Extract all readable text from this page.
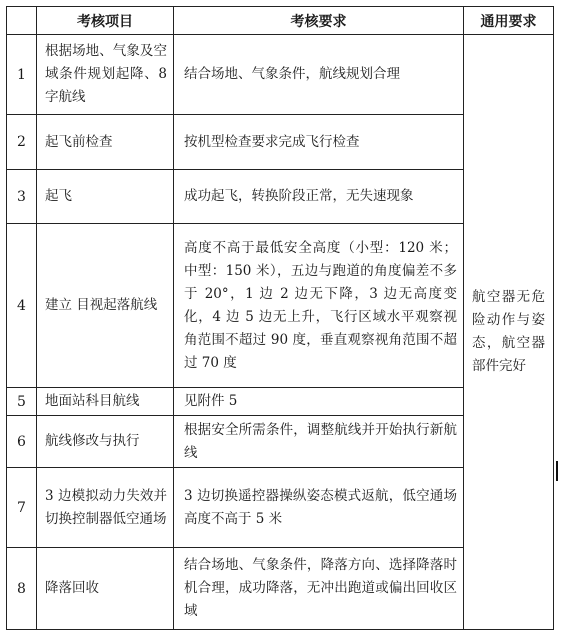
	考核项目	考核要求	通用要求
1	根据场地、气象及空域条件规划起降、8 字航线	结合场地、气象条件，航线规划合理	航空器无危险动作与姿态，航空器部件完好
2	起飞前检查	按机型检查要求完成飞行检查	
3	起飞	成功起飞，转换阶段正常，无失速现象	
4	建立 目视起落航线	高度不高于最低安全高度（小型：120 米；中型：150 米），五边与跑道的角度偏差不多于 20°，1 边 2 边无下降，3 边无高度变化，4 边 5 边无上升，飞行区域水平观察视角范围不超过 90 度，垂直观察视角范围不超过 70 度	
5	地面站科目航线	见附件 5	
6	航线修改与执行	根据安全所需条件，调整航线并开始执行新航线	
7	3 边模拟动力失效并切换控制器低空通场	3 边切换遥控器操纵姿态模式返航，低空通场高度不高于 5 米	
8	降落回收	结合场地、气象条件，降落方向、选择降落时机合理，成功降落，无冲出跑道或偏出回收区域	
